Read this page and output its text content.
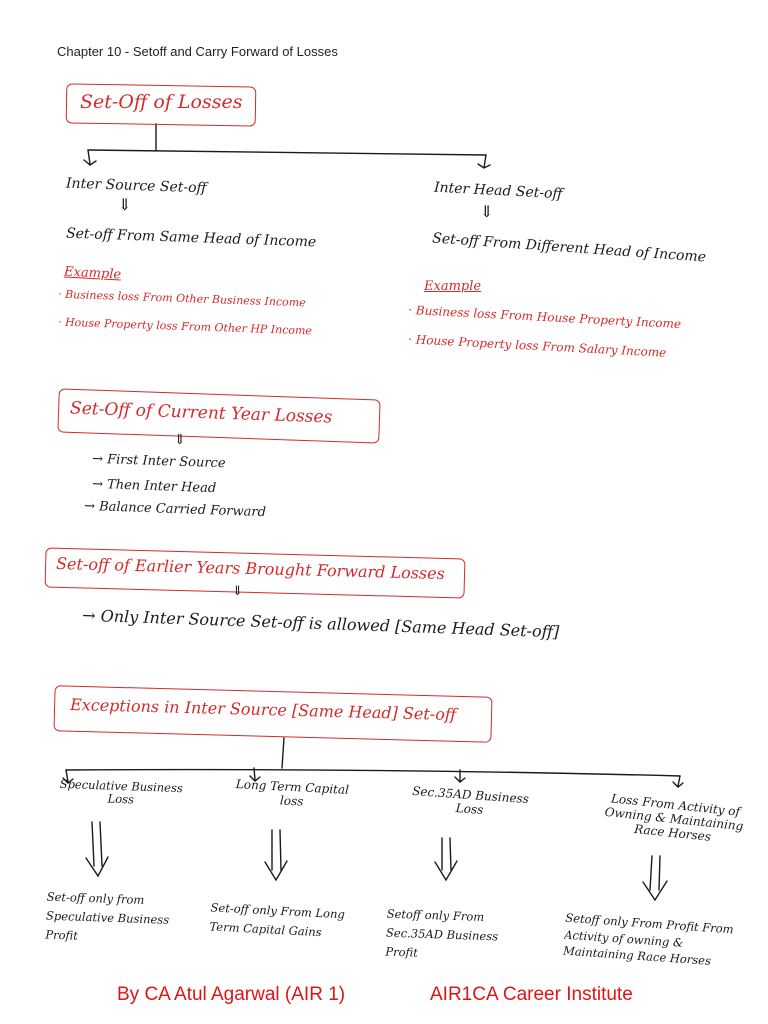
Chapter 10 - Setoff and Carry Forward of Losses
Set-Off of Losses
Inter Source Set-off
⇓
Set-off From Same Head of Income
Example
· Business loss From Other Business Income
· House Property loss From Other HP Income
Inter Head Set-off
⇓
Set-off From Different Head of Income
Example
· Business loss From House Property Income
· House Property loss From Salary Income
Set-Off of Current Year Losses
⇓
→ First Inter Source
→ Then Inter Head
→ Balance Carried Forward
Set-off of Earlier Years Brought Forward Losses
⇓
→ Only Inter Source Set-off is allowed [Same Head Set-off]
Exceptions in Inter Source [Same Head] Set-off
Speculative Business Loss
Long Term Capital loss	Sec.35AD Business Loss	Loss From Activity of Owning & Maintaining Race Horses
Set-off only from Speculative Business Profit
Set-off only From Long Term Capital Gains
Setoff only From Sec.35AD Business Profit
Setoff only From Profit From Activity of owning & Maintaining Race Horses
By CA Atul Agarwal (AIR 1)	AIR1CA Career Institute
